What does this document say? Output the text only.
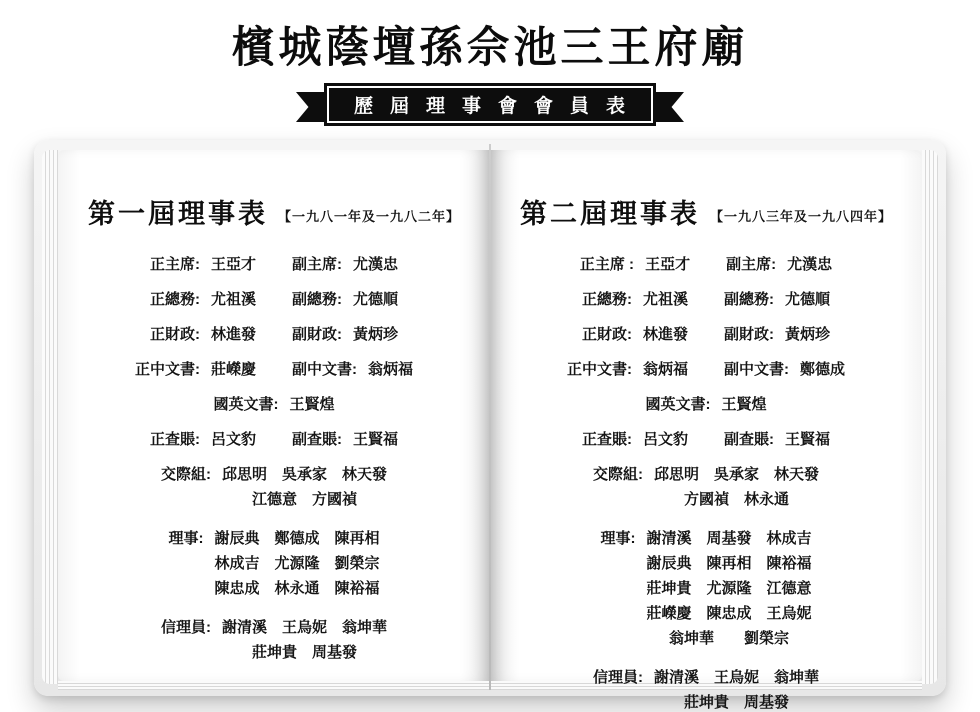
檳城蔭壇孫佘池三王府廟
歷屆理事會會員表
第一屆理事表 【一九八一年及一九八二年】
正主席: 王亞才 副主席: 尤漢忠
正總務: 尤祖溪 副總務: 尤德順
正財政: 林進發 副財政: 黃炳珍
正中文書: 莊嶸慶 副中文書: 翁炳福
國英文書: 王賢煌
正查賬: 呂文豹 副查賬: 王賢福
交際組: 邱思明　吳承家　林天發
江德意　方國禎
理事: 謝辰典　鄭德成　陳再相
林成吉　尤源隆　劉榮宗
陳忠成　林永通　陳裕福
信理員: 謝清溪　王烏妮　翁坤華
莊坤貴　周基發
第二屆理事表 【一九八三年及一九八四年】
正主席 : 王亞才 副主席: 尤漢忠
正總務: 尤祖溪 副總務: 尤德順
正財政: 林進發 副財政: 黃炳珍
正中文書: 翁炳福 副中文書: 鄭德成
國英文書: 王賢煌
正查賬: 呂文豹 副查賬: 王賢福
交際組: 邱思明　吳承家　林天發
方國禎　林永通
理事: 謝清溪　周基發　林成吉
謝辰典　陳再相　陳裕福
莊坤貴　尤源隆　江德意
莊嶸慶　陳忠成　王烏妮
翁坤華　　劉榮宗
信理員: 謝清溪　王烏妮　翁坤華
莊坤貴　周基發
